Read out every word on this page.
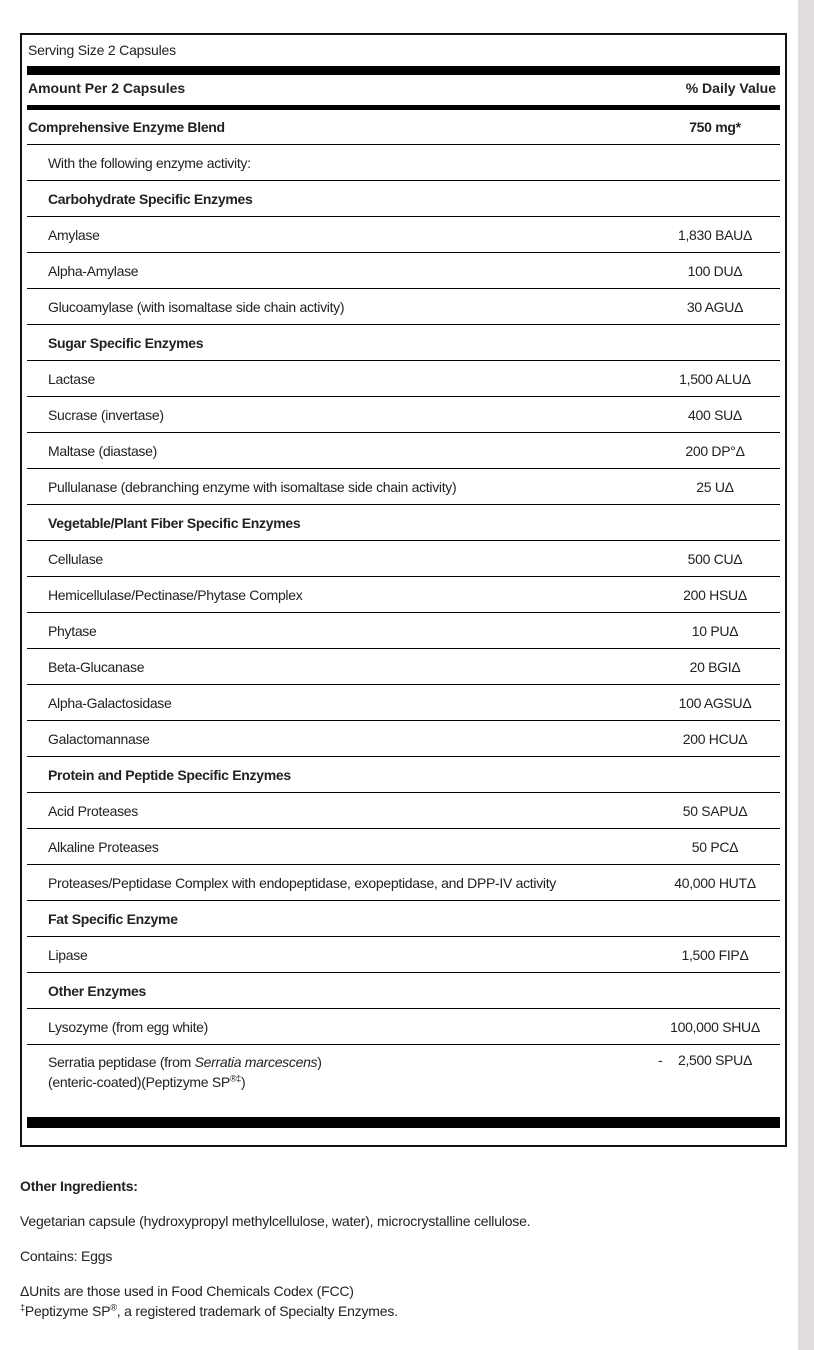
Serving Size 2 Capsules
Amount Per 2 Capsules	% Daily Value
Comprehensive Enzyme Blend	750 mg*
With the following enzyme activity:
Carbohydrate Specific Enzymes
Amylase	1,830 BAUΔ
Alpha-Amylase	100 DUΔ
Glucoamylase (with isomaltase side chain activity)	30 AGUΔ
Sugar Specific Enzymes
Lactase	1,500 ALUΔ
Sucrase (invertase)	400 SUΔ
Maltase (diastase)	200 DP°Δ
Pullulanase (debranching enzyme with isomaltase side chain activity)	25 UΔ
Vegetable/Plant Fiber Specific Enzymes
Cellulase	500 CUΔ
Hemicellulase/Pectinase/Phytase Complex	200 HSUΔ
Phytase	10 PUΔ
Beta-Glucanase	20 BGIΔ
Alpha-Galactosidase	100 AGSUΔ
Galactomannase	200 HCUΔ
Protein and Peptide Specific Enzymes
Acid Proteases	50 SAPUΔ
Alkaline Proteases	50 PCΔ
Proteases/Peptidase Complex with endopeptidase, exopeptidase, and DPP-IV activity	40,000 HUTΔ
Fat Specific Enzyme
Lipase	1,500 FIPΔ
Other Enzymes
Lysozyme (from egg white)	100,000 SHUΔ
Serratia peptidase (from Serratia marcescens)
(enteric-coated)(Peptizyme SP®‡)
-	2,500 SPUΔ

Other Ingredients:

Vegetarian capsule (hydroxypropyl methylcellulose, water), microcrystalline cellulose.

Contains: Eggs

ΔUnits are those used in Food Chemicals Codex (FCC)

‡Peptizyme SP®, a registered trademark of Specialty Enzymes.
